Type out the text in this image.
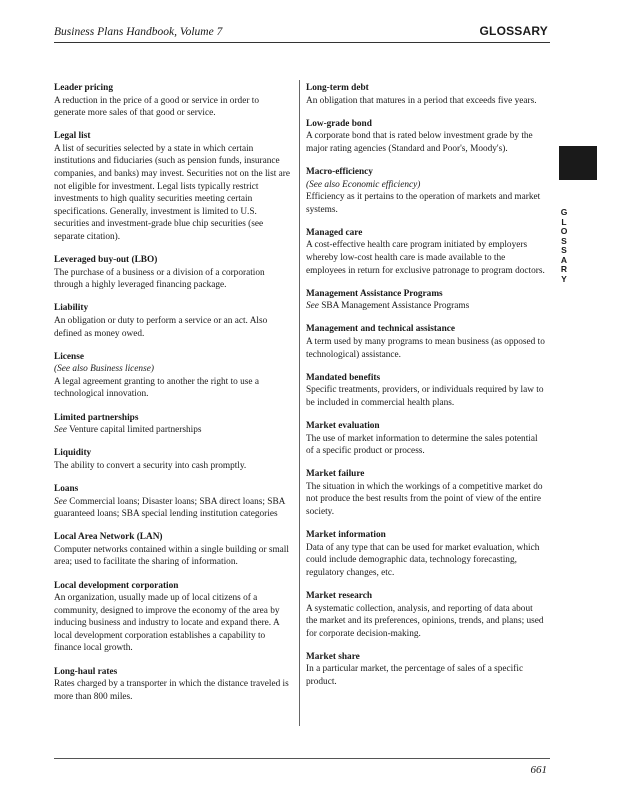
Business Plans Handbook, Volume 7	GLOSSARY
Leader pricing
A reduction in the price of a good or service in order to generate more sales of that good or service.
Legal list
A list of securities selected by a state in which certain institutions and fiduciaries (such as pension funds, insurance companies, and banks) may invest. Securities not on the list are not eligible for investment. Legal lists typically restrict investments to high quality securities meeting certain specifications. Generally, investment is limited to U.S. securities and investment-grade blue chip securities (see separate citation).
Leveraged buy-out (LBO)
The purchase of a business or a division of a corporation through a highly leveraged financing package.
Liability
An obligation or duty to perform a service or an act. Also defined as money owed.
License
(See also Business license)
A legal agreement granting to another the right to use a technological innovation.
Limited partnerships
See Venture capital limited partnerships
Liquidity
The ability to convert a security into cash promptly.
Loans
See Commercial loans; Disaster loans; SBA direct loans; SBA guaranteed loans; SBA special lending institution categories
Local Area Network (LAN)
Computer networks contained within a single building or small area; used to facilitate the sharing of information.
Local development corporation
An organization, usually made up of local citizens of a community, designed to improve the economy of the area by inducing business and industry to locate and expand there. A local development corporation establishes a capability to finance local growth.
Long-haul rates
Rates charged by a transporter in which the distance traveled is more than 800 miles.
Long-term debt
An obligation that matures in a period that exceeds five years.
Low-grade bond
A corporate bond that is rated below investment grade by the major rating agencies (Standard and Poor's, Moody's).
Macro-efficiency
(See also Economic efficiency)
Efficiency as it pertains to the operation of markets and market systems.
Managed care
A cost-effective health care program initiated by employers whereby low-cost health care is made available to the employees in return for exclusive patronage to program doctors.
Management Assistance Programs
See SBA Management Assistance Programs
Management and technical assistance
A term used by many programs to mean business (as opposed to technological) assistance.
Mandated benefits
Specific treatments, providers, or individuals required by law to be included in commercial health plans.
Market evaluation
The use of market information to determine the sales potential of a specific product or process.
Market failure
The situation in which the workings of a competitive market do not produce the best results from the point of view of the entire society.
Market information
Data of any type that can be used for market evaluation, which could include demographic data, technology forecasting, regulatory changes, etc.
Market research
A systematic collection, analysis, and reporting of data about the market and its preferences, opinions, trends, and plans; used for corporate decision-making.
Market share
In a particular market, the percentage of sales of a specific product.
G
L
O
S
S
A
R
Y
661
